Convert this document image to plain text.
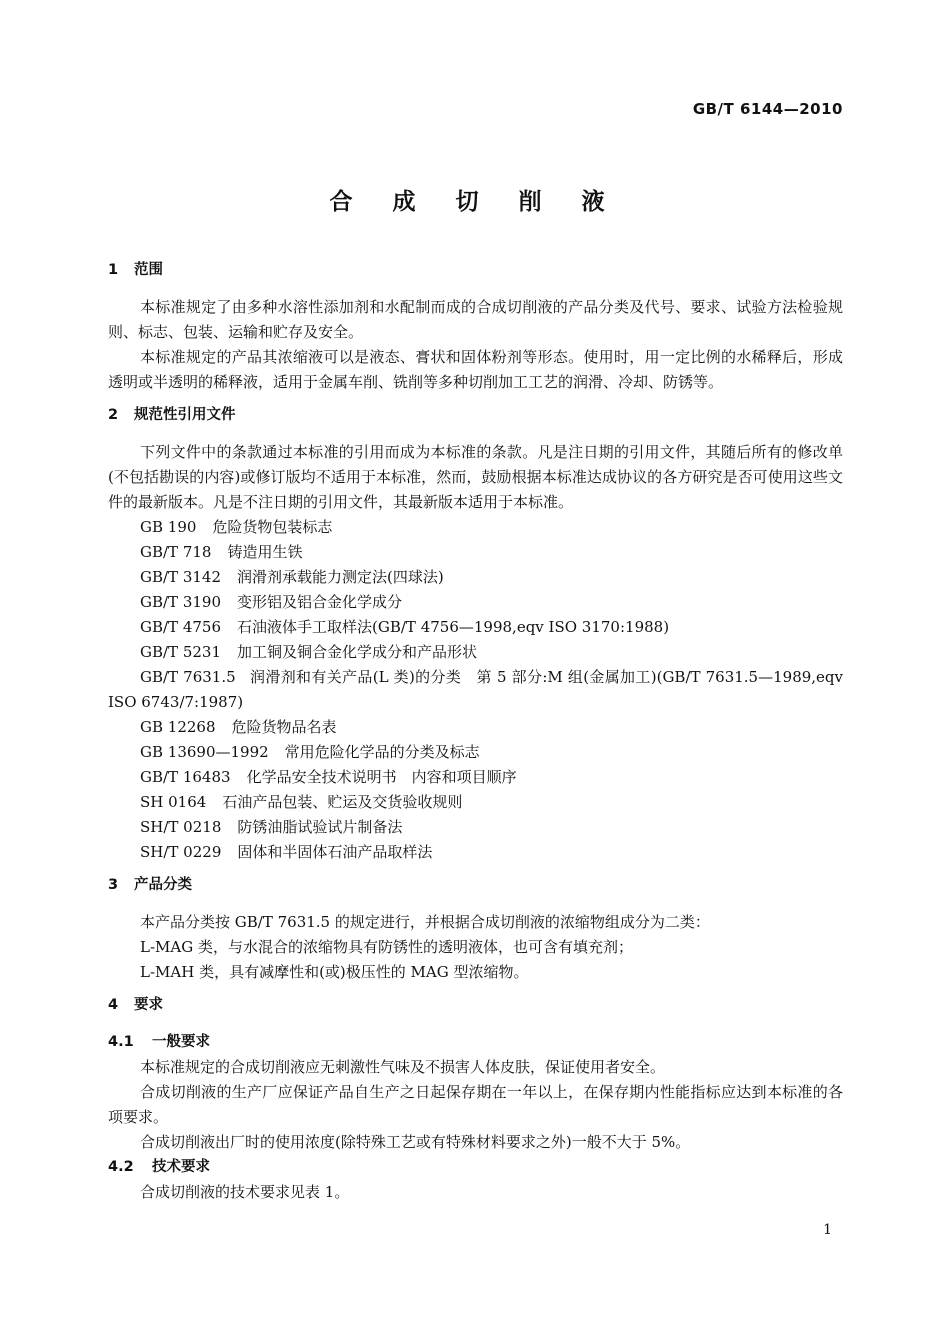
GB/T 6144—2010
合 成 切 削 液
1 范围

本标准规定了由多种水溶性添加剂和水配制而成的合成切削液的产品分类及代号、要求、试验方法检验规则、标志、包装、运输和贮存及安全。

本标准规定的产品其浓缩液可以是液态、膏状和固体粉剂等形态。使用时，用一定比例的水稀释后，形成透明或半透明的稀释液，适用于金属车削、铣削等多种切削加工工艺的润滑、冷却、防锈等。

2 规范性引用文件

下列文件中的条款通过本标准的引用而成为本标准的条款。凡是注日期的引用文件，其随后所有的修改单(不包括勘误的内容)或修订版均不适用于本标准，然而，鼓励根据本标准达成协议的各方研究是否可使用这些文件的最新版本。凡是不注日期的引用文件，其最新版本适用于本标准。

GB 190 危险货物包装标志
GB/T 718 铸造用生铁
GB/T 3142 润滑剂承载能力测定法(四球法)
GB/T 3190 变形铝及铝合金化学成分
GB/T 4756 石油液体手工取样法(GB/T 4756—1998,eqv ISO 3170:1988)
GB/T 5231 加工铜及铜合金化学成分和产品形状
GB/T 7631.5 润滑剂和有关产品(L 类)的分类　第 5 部分:M 组(金属加工)(GB/T 7631.5—1989,eqv ISO 6743/7:1987)
GB 12268 危险货物品名表
GB 13690—1992 常用危险化学品的分类及标志
GB/T 16483 化学品安全技术说明书　内容和项目顺序
SH 0164 石油产品包装、贮运及交货验收规则
SH/T 0218 防锈油脂试验试片制备法
SH/T 0229 固体和半固体石油产品取样法
3 产品分类

本产品分类按 GB/T 7631.5 的规定进行，并根据合成切削液的浓缩物组成分为二类：

L-MAG 类，与水混合的浓缩物具有防锈性的透明液体，也可含有填充剂；

L-MAH 类，具有减摩性和(或)极压性的 MAG 型浓缩物。

4 要求
4.1 一般要求

本标准规定的合成切削液应无刺激性气味及不损害人体皮肤，保证使用者安全。

合成切削液的生产厂应保证产品自生产之日起保存期在一年以上，在保存期内性能指标应达到本标准的各项要求。

合成切削液出厂时的使用浓度(除特殊工艺或有特殊材料要求之外)一般不大于 5%。

4.2 技术要求

合成切削液的技术要求见表 1。

1
